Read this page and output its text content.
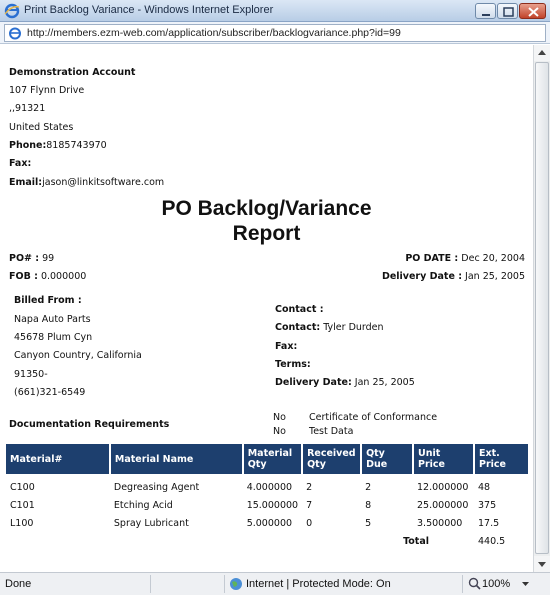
Print Backlog Variance - Windows Internet Explorer
http://members.ezm-web.com/application/subscriber/backlogvariance.php?id=99
Demonstration Account
107 Flynn Drive
,,91321
United States
Phone:8185743970
Fax:
Email:jason@linkitsoftware.com
PO Backlog/Variance
Report
PO# : 99
FOB : 0.000000
PO DATE : Dec 20, 2004
Delivery Date : Jan 25, 2005
Billed From :
Napa Auto Parts
45678 Plum Cyn
Canyon Country, California
91350-
(661)321-6549
Contact :
Contact: Tyler Durden
Fax:
Terms:
Delivery Date: Jan 25, 2005
Documentation Requirements
No Certificate of Conformance
No Test Data
Material#	Material Name	Material Qty	Received Qty	Qty Due	Unit Price	Ext. Price

C100	Degreasing Agent	4.000000	2	2	12.000000	48
C101	Etching Acid	15.000000	7	8	25.000000	375
L100	Spray Lubricant	5.000000	0	5	3.500000	17.5
				Total		440.5
Done	Internet | Protected Mode: On	100%
